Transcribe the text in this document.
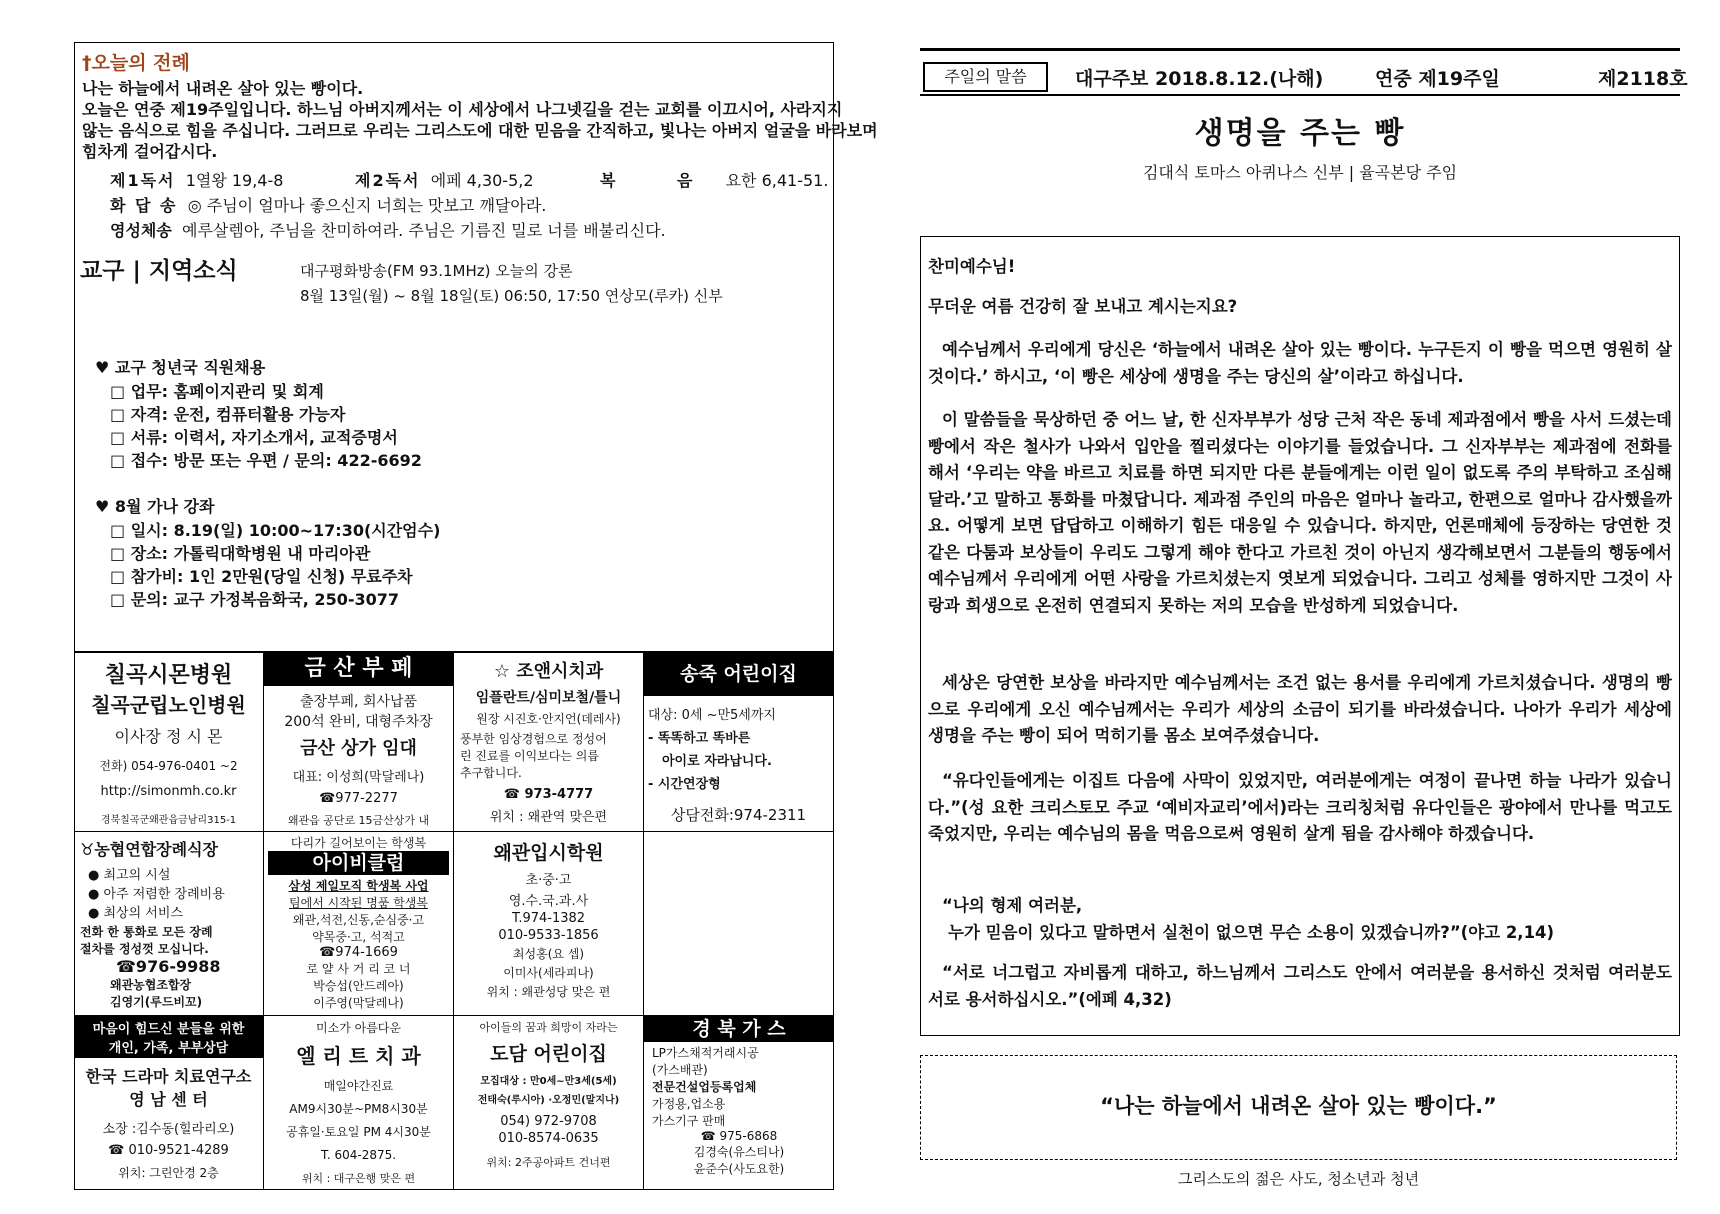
†오늘의 전례
나는 하늘에서 내려온 살아 있는 빵이다.
오늘은 연중 제19주일입니다. 하느님 아버지께서는 이 세상에서 나그넷길을 걷는 교회를 이끄시어, 사라지지
않는 음식으로 힘을 주십니다. 그러므로 우리는 그리스도에 대한 믿음을 간직하고, 빛나는 아버지 얼굴을 바라보며
힘차게 걸어갑시다.
제1독서 1열왕 19,4-8	제2독서 에페 4,30-5,2	복 음 요한 6,41-51.
화 답 송 ◎ 주님이 얼마나 좋으신지 너희는 맛보고 깨달아라.
영성체송 예루살렘아, 주님을 찬미하여라. 주님은 기름진 밀로 너를 배불리신다.
교구 | 지역소식	대구평화방송(FM 93.1MHz) 오늘의 강론
8월 13일(월) ~ 8월 18일(토) 06:50, 17:50 연상모(루카) 신부
♥ 교구 청년국 직원채용
□ 업무: 홈페이지관리 및 회계
□ 자격: 운전, 컴퓨터활용 가능자
□ 서류: 이력서, 자기소개서, 교적증명서
□ 접수: 방문 또는 우편 / 문의: 422-6692
♥ 8월 가나 강좌
□ 일시: 8.19(일) 10:00~17:30(시간엄수)
□ 장소: 가톨릭대학병원 내 마리아관
□ 참가비: 1인 2만원(당일 신청) 무료주차
□ 문의: 교구 가정복음화국, 250-3077
칠곡시몬병원
칠곡군립노인병원
이사장 정 시 몬
전화) 054-976-0401 ~2
http://simonmh.co.kr
경북칠곡군왜관읍금남리315-1
금 산 부 페
출장부페, 회사납품
200석 완비, 대형주차장
금산 상가 임대
대표: 이성희(막달레나)
☎977-2277
왜관읍 공단로 15금산상가 내
☆ 조앤시치과
임플란트/심미보철/틀니
원장 시진호·안지언(데레사)
풍부한 임상경험으로 정성어
린 진료를 이익보다는 의릅
추구합니다.
☎ 973-4777
위치 : 왜관역 맞은편
송죽 어린이집
대상: 0세 ~만5세까지
- 똑똑하고 똑바른
아이로 자라납니다.
- 시간연장형
상담전화:974-2311
♉농협연합장례식장
● 최고의 시설
● 아주 저렴한 장례비용
● 최상의 서비스
전화 한 통화로 모든 장례
절차를 정성껏 모십니다.
☎976-9988
왜관농협조합장
김영기(루드비꼬)
다리가 길어보이는 학생복
아이비클럽
삼성 제일모직 학생복 사업
팀에서 시작된 명품 학생복
왜관,석전,신동,순심중·고
약목중·고, 석적고
☎974-1669
로 얄 사 거 리 코 너
박승섭(안드레아)
이주영(막달레나)
왜관입시학원
초·중·고
영.수.국.과.사
T.974-1382
010-9533-1856
최성홍(요 셉)
이미사(세라피나)
위치 : 왜관성당 맞은 편
마음이 힘드신 분들을 위한
개인, 가족, 부부상담
한국 드라마 치료연구소
영 남 센 터
소장 :김수동(힐라리오)
☎ 010-9521-4289
위치: 그린안경 2층
미소가 아름다운
엘 리 트 치 과
매일야간진료
AM9시30분~PM8시30분
공휴일·토요일 PM 4시30분
T. 604-2875.
위치 : 대구은행 맞은 편
아이들의 꿈과 희망이 자라는
도담 어린이집
모집대상 : 만0세~만3세(5세)
전태숙(루시아) ·오정민(말지나)
054) 972-9708
010-8574-0635
위치: 2주공아파트 건너편
경 북 가 스
LP가스채적거래시공
(가스배관)
전문건설업등록업체
가정용,업소용
가스기구 판매
☎ 975-6868
김경숙(유스티나)
윤준수(사도요한)
주일의 말씀	대구주보 2018.8.12.(나해)	연중 제19주일	제2118호
생명을 주는 빵
김대식 토마스 아퀴나스 신부 | 율곡본당 주임
찬미예수님!
무더운 여름 건강히 잘 보내고 계시는지요?
예수님께서 우리에게 당신은 ‘하늘에서 내려온 살아 있는 빵이다. 누구든지 이 빵을 먹으면 영원히 살 것이다.’ 하시고, ‘이 빵은 세상에 생명을 주는 당신의 살’이라고 하십니다.
이 말씀들을 묵상하던 중 어느 날, 한 신자부부가 성당 근처 작은 동네 제과점에서 빵을 사서 드셨는데 빵에서 작은 철사가 나와서 입안을 찔리셨다는 이야기를 들었습니다. 그 신자부부는 제과점에 전화를 해서 ‘우리는 약을 바르고 치료를 하면 되지만 다른 분들에게는 이런 일이 없도록 주의 부탁하고 조심해 달라.’고 말하고 통화를 마쳤답니다. 제과점 주인의 마음은 얼마나 놀라고, 한편으로 얼마나 감사했을까요. 어떻게 보면 답답하고 이해하기 힘든 대응일 수 있습니다. 하지만, 언론매체에 등장하는 당연한 것 같은 다툼과 보상들이 우리도 그렇게 해야 한다고 가르친 것이 아닌지 생각해보면서 그분들의 행동에서 예수님께서 우리에게 어떤 사랑을 가르치셨는지 엿보게 되었습니다. 그리고 성체를 영하지만 그것이 사랑과 희생으로 온전히 연결되지 못하는 저의 모습을 반성하게 되었습니다.
세상은 당연한 보상을 바라지만 예수님께서는 조건 없는 용서를 우리에게 가르치셨습니다. 생명의 빵으로 우리에게 오신 예수님께서는 우리가 세상의 소금이 되기를 바라셨습니다. 나아가 우리가 세상에 생명을 주는 빵이 되어 먹히기를 몸소 보여주셨습니다.
“유다인들에게는 이집트 다음에 사막이 있었지만, 여러분에게는 여정이 끝나면 하늘 나라가 있습니다.”(성 요한 크리스토모 주교 ‘예비자교리’에서)라는 크리칭처럼 유다인들은 광야에서 만나를 먹고도 죽었지만, 우리는 예수님의 몸을 먹음으로써 영원히 살게 됨을 감사해야 하겠습니다.
“나의 형제 여러분,
누가 믿음이 있다고 말하면서 실천이 없으면 무슨 소용이 있겠습니까?”(야고 2,14)
“서로 너그럽고 자비롭게 대하고, 하느님께서 그리스도 안에서 여러분을 용서하신 것처럼 여러분도 서로 용서하십시오.”(에페 4,32)
“나는 하늘에서 내려온 살아 있는 빵이다.”
그리스도의 젊은 사도, 청소년과 청년
